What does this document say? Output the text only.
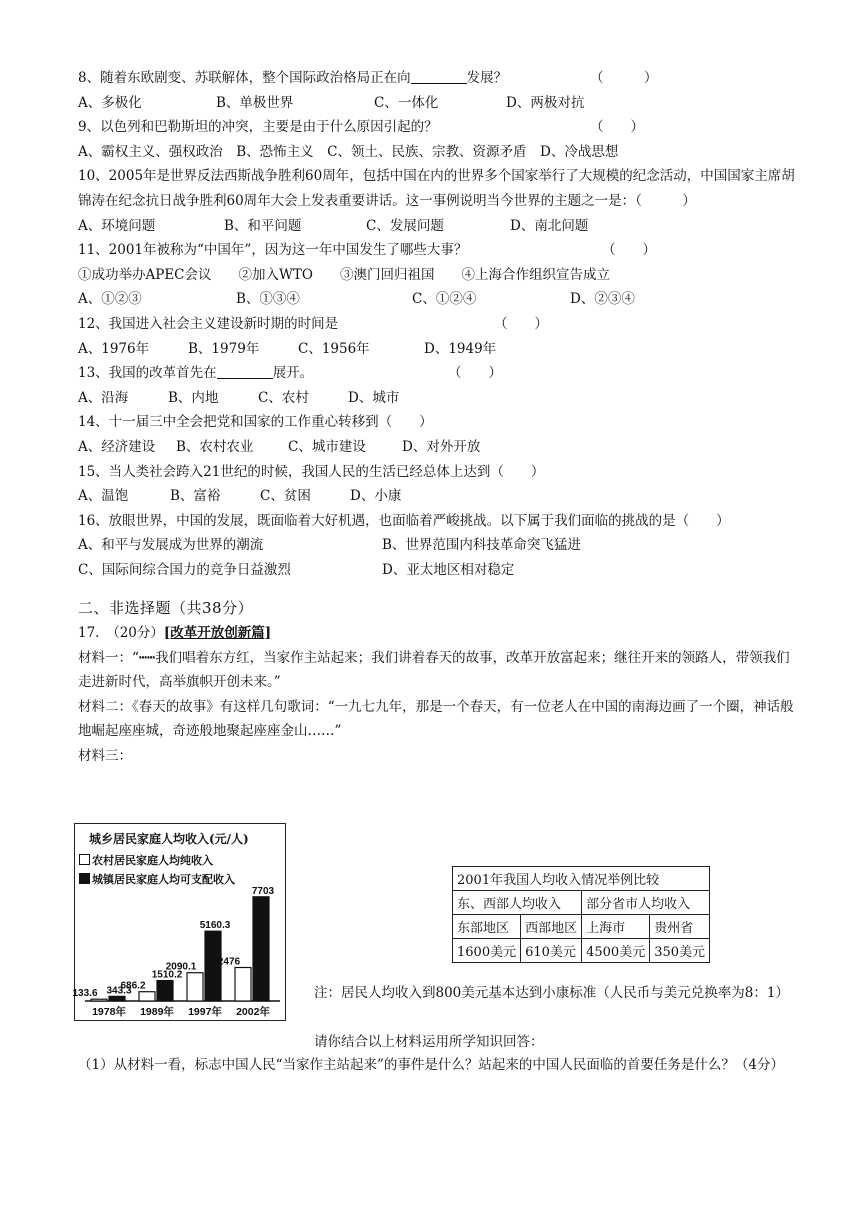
8、随着东欧剧变、苏联解体，整个国际政治格局正在向	发展？	（　　　）
A、多极化	B、单极世界	C、一体化	D、两极对抗
9、以色列和巴勒斯坦的冲突，主要是由于什么原因引起的？	（　　）
A、霸权主义、强权政治　B、恐怖主义　C、领土、民族、宗教、资源矛盾　D、冷战思想
10、2005年是世界反法西斯战争胜利60周年，包括中国在内的世界多个国家举行了大规模的纪念活动，中国国家主席胡锦涛在纪念抗日战争胜利60周年大会上发表重要讲话。这一事例说明当今世界的主题之一是：（　　　）
A、环境问题	B、和平问题	C、发展问题	D、南北问题
11、2001年被称为“中国年”，因为这一年中国发生了哪些大事？	（　　）
①成功举办APEC会议　　②加入WTO　　③澳门回归祖国　　④上海合作组织宣告成立
A、①②③	B、①③④	C、①②④	D、②③④
12、我国进入社会主义建设新时期的时间是	（　　）
A、1976年	B、1979年	C、1956年	D、1949年
13、我国的改革首先在	展开。	（　　）
A、沿海	B、内地	C、农村	D、城市
14、十一届三中全会把党和国家的工作重心转移到（　　）
A、经济建设 B、农村农业	C、城市建设	D、对外开放
15、当人类社会跨入21世纪的时候，我国人民的生活已经总体上达到（　　）
A、温饱	B、富裕	C、贫困	D、小康
16、放眼世界，中国的发展，既面临着大好机遇，也面临着严峻挑战。以下属于我们面临的挑战的是（　　）
A、和平与发展成为世界的潮流	B、世界范围内科技革命突飞猛进
C、国际间综合国力的竞争日益激烈	D、亚太地区相对稳定
二、非选择题（共38分）
17.　（20分）[改革开放创新篇]
材料一：“┅┅我们唱着东方红，当家作主站起来；我们讲着春天的故事，改革开放富起来；继往开来的领路人，带领我们走进新时代，高举旗帜开创未来。”
材料二：《春天的故事》有这样几句歌词：“一九七九年，那是一个春天，有一位老人在中国的南海边画了一个圈，神话般地崛起座座城，奇迹般地聚起座座金山……”
材料三：
城乡居民家庭人均收入(元/人)
农村居民家庭人均纯收入
城镇居民家庭人均可支配收入
133.6 343.3
1978年
686.2
1510.2
1989年
2090.1
5160.3
1997年
2476
7703
2002年
2001年我国人均收入情况举例比较			
东、西部人均收入		部分省市人均收入	
东部地区	西部地区	上海市	贵州省
1600美元	610美元	4500美元	350美元
注：居民人均收入到800美元基本达到小康标准（人民币与美元兑换率为8：1）
请你结合以上材料运用所学知识回答：
（1）从材料一看，标志中国人民“当家作主站起来”的事件是什么？站起来的中国人民面临的首要任务是什么？（4分）
